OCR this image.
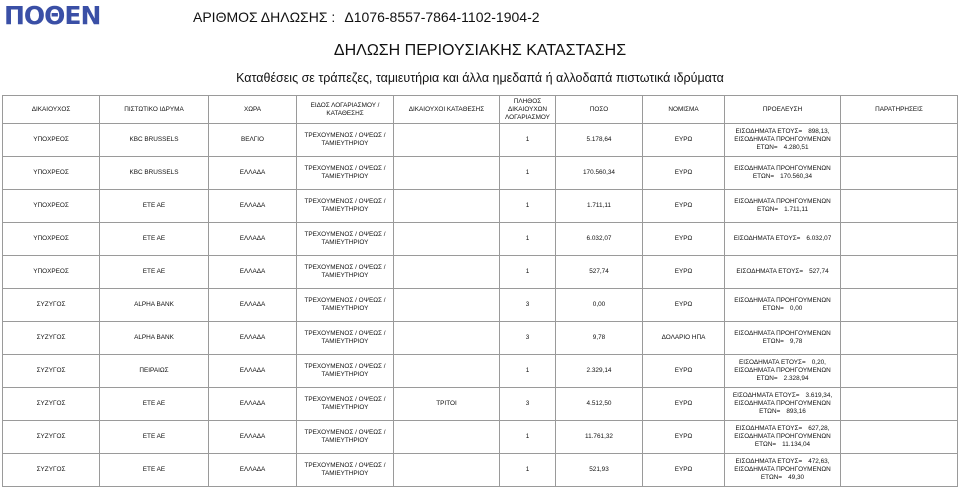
ΠΟΘΕΝ	ΑΡΙΘΜΟΣ ΔΗΛΩΣΗΣ : Δ1076-8557-7864-1102-1904-2
ΔΗΛΩΣΗ ΠΕΡΙΟΥΣΙΑΚΗΣ ΚΑΤΑΣΤΑΣΗΣ
Καταθέσεις σε τράπεζες, ταμιευτήρια και άλλα ημεδαπά ή αλλοδαπά πιστωτικά ιδρύματα
ΔΙΚΑΙΟΥΧΟΣ	ΠΙΣΤΩΤΙΚΟ ΙΔΡΥΜΑ	ΧΩΡΑ	ΕΙΔΟΣ ΛΟΓΑΡΙΑΣΜΟΥ / ΚΑΤΑΘΕΣΗΣ	ΔΙΚΑΙΟΥΧΟΙ ΚΑΤΑΘΕΣΗΣ	ΠΛΗΘΟΣ ΔΙΚΑΙΟΥΧΩΝ ΛΟΓΑΡΙΑΣΜΟΥ	ΠΟΣΟ	ΝΟΜΙΣΜΑ	ΠΡΟΕΛΕΥΣΗ	ΠΑΡΑΤΗΡΗΣΕΙΣ
ΥΠΟΧΡΕΟΣ	KBC BRUSSELS	ΒΕΛΓΙΟ	ΤΡΕΧΟΥΜΕΝΟΣ / ΟΨΕΩΣ /
ΤΑΜΙΕΥΤΗΡΙΟΥ		1	5.178,64	ΕΥΡΩ	ΕΙΣΟΔΗΜΑΤΑ ΕΤΟΥΣ= 898,13,
ΕΙΣΟΔΗΜΑΤΑ ΠΡΟΗΓΟΥΜΕΝΩΝ
ΕΤΩΝ= 4.280,51	

ΥΠΟΧΡΕΟΣ	KBC BRUSSELS	ΕΛΛΑΔΑ	ΤΡΕΧΟΥΜΕΝΟΣ / ΟΨΕΩΣ /
ΤΑΜΙΕΥΤΗΡΙΟΥ		1	170.560,34	ΕΥΡΩ	ΕΙΣΟΔΗΜΑΤΑ ΠΡΟΗΓΟΥΜΕΝΩΝ
ΕΤΩΝ= 170.560,34	

ΥΠΟΧΡΕΟΣ	ΕΤΕ ΑΕ	ΕΛΛΑΔΑ	ΤΡΕΧΟΥΜΕΝΟΣ / ΟΨΕΩΣ /
ΤΑΜΙΕΥΤΗΡΙΟΥ		1	1.711,11	ΕΥΡΩ	ΕΙΣΟΔΗΜΑΤΑ ΠΡΟΗΓΟΥΜΕΝΩΝ
ΕΤΩΝ= 1.711,11	

ΥΠΟΧΡΕΟΣ	ΕΤΕ ΑΕ	ΕΛΛΑΔΑ	ΤΡΕΧΟΥΜΕΝΟΣ / ΟΨΕΩΣ /
ΤΑΜΙΕΥΤΗΡΙΟΥ		1	6.032,07	ΕΥΡΩ	ΕΙΣΟΔΗΜΑΤΑ ΕΤΟΥΣ= 6.032,07	

ΥΠΟΧΡΕΟΣ	ΕΤΕ ΑΕ	ΕΛΛΑΔΑ	ΤΡΕΧΟΥΜΕΝΟΣ / ΟΨΕΩΣ /
ΤΑΜΙΕΥΤΗΡΙΟΥ		1	527,74	ΕΥΡΩ	ΕΙΣΟΔΗΜΑΤΑ ΕΤΟΥΣ= 527,74	

ΣΥΖΥΓΟΣ	ALPHA BANK	ΕΛΛΑΔΑ	ΤΡΕΧΟΥΜΕΝΟΣ / ΟΨΕΩΣ /
ΤΑΜΙΕΥΤΗΡΙΟΥ		3	0,00	ΕΥΡΩ	ΕΙΣΟΔΗΜΑΤΑ ΠΡΟΗΓΟΥΜΕΝΩΝ
ΕΤΩΝ= 0,00	

ΣΥΖΥΓΟΣ	ALPHA BANK	ΕΛΛΑΔΑ	ΤΡΕΧΟΥΜΕΝΟΣ / ΟΨΕΩΣ /
ΤΑΜΙΕΥΤΗΡΙΟΥ		3	9,78	ΔΟΛΑΡΙΟ ΗΠΑ	ΕΙΣΟΔΗΜΑΤΑ ΠΡΟΗΓΟΥΜΕΝΩΝ
ΕΤΩΝ= 9,78	

ΣΥΖΥΓΟΣ	ΠΕΙΡΑΙΩΣ	ΕΛΛΑΔΑ	ΤΡΕΧΟΥΜΕΝΟΣ / ΟΨΕΩΣ /
ΤΑΜΙΕΥΤΗΡΙΟΥ		1	2.329,14	ΕΥΡΩ	ΕΙΣΟΔΗΜΑΤΑ ΕΤΟΥΣ= 0,20,
ΕΙΣΟΔΗΜΑΤΑ ΠΡΟΗΓΟΥΜΕΝΩΝ
ΕΤΩΝ= 2.328,94	

ΣΥΖΥΓΟΣ	ΕΤΕ ΑΕ	ΕΛΛΑΔΑ	ΤΡΕΧΟΥΜΕΝΟΣ / ΟΨΕΩΣ /
ΤΑΜΙΕΥΤΗΡΙΟΥ	ΤΡΙΤΟΙ	3	4.512,50	ΕΥΡΩ	ΕΙΣΟΔΗΜΑΤΑ ΕΤΟΥΣ= 3.619,34,
ΕΙΣΟΔΗΜΑΤΑ ΠΡΟΗΓΟΥΜΕΝΩΝ
ΕΤΩΝ= 893,16	

ΣΥΖΥΓΟΣ	ΕΤΕ ΑΕ	ΕΛΛΑΔΑ	ΤΡΕΧΟΥΜΕΝΟΣ / ΟΨΕΩΣ /
ΤΑΜΙΕΥΤΗΡΙΟΥ		1	11.761,32	ΕΥΡΩ	ΕΙΣΟΔΗΜΑΤΑ ΕΤΟΥΣ= 627,28,
ΕΙΣΟΔΗΜΑΤΑ ΠΡΟΗΓΟΥΜΕΝΩΝ
ΕΤΩΝ= 11.134,04	

ΣΥΖΥΓΟΣ	ΕΤΕ ΑΕ	ΕΛΛΑΔΑ	ΤΡΕΧΟΥΜΕΝΟΣ / ΟΨΕΩΣ /
ΤΑΜΙΕΥΤΗΡΙΟΥ		1	521,93	ΕΥΡΩ	ΕΙΣΟΔΗΜΑΤΑ ΕΤΟΥΣ= 472,63,
ΕΙΣΟΔΗΜΑΤΑ ΠΡΟΗΓΟΥΜΕΝΩΝ
ΕΤΩΝ= 49,30	
